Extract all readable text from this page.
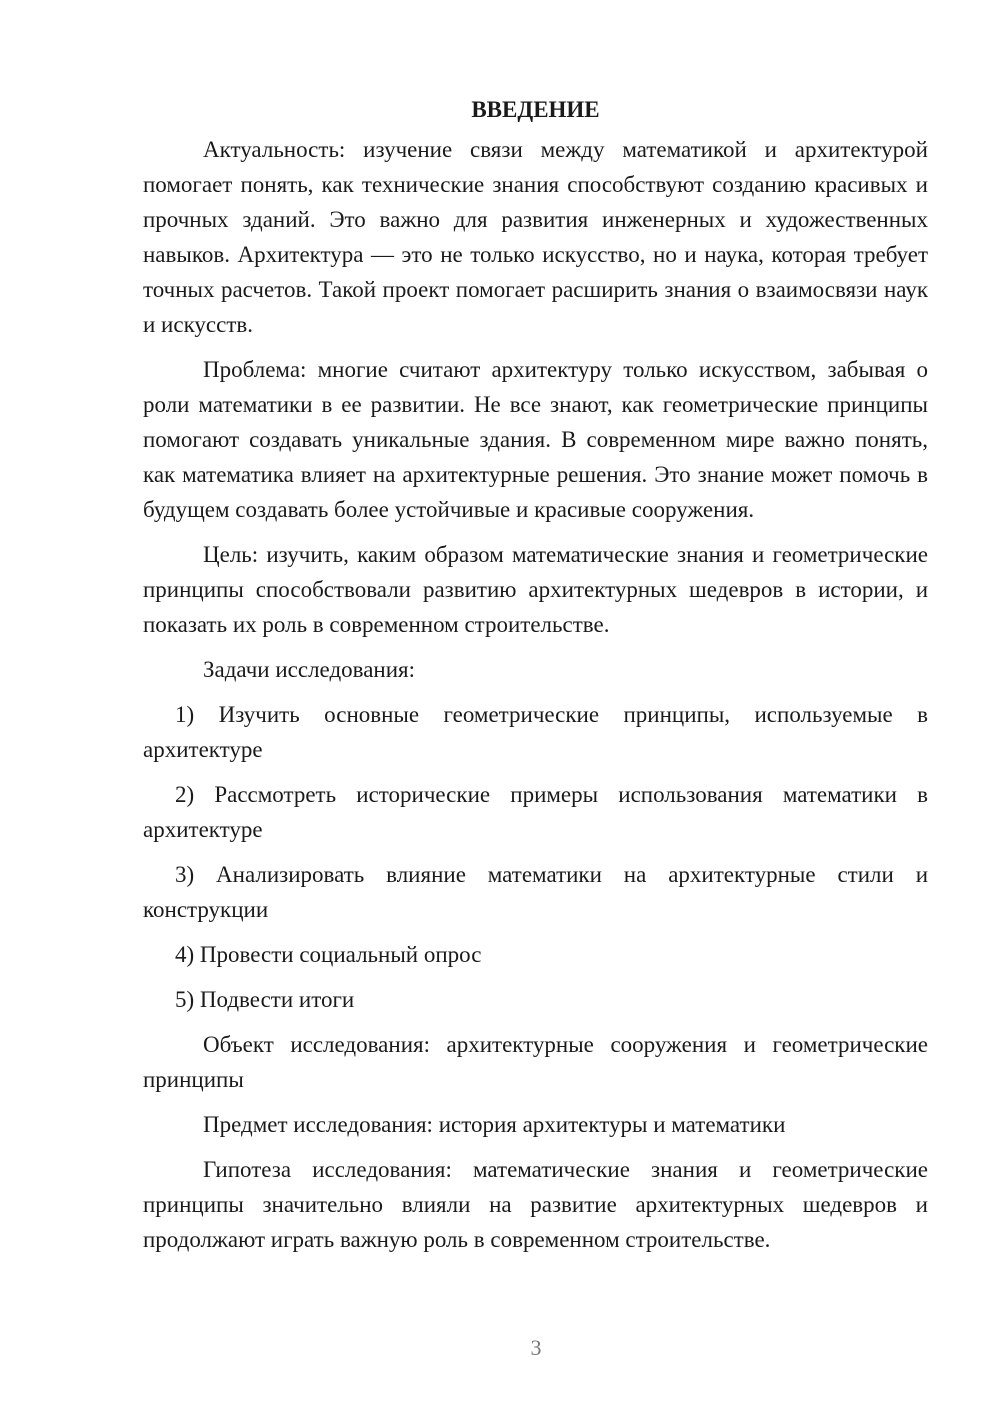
ВВЕДЕНИЕ

Актуальность: изучение связи между математикой и архитектурой помогает понять, как технические знания способствуют созданию красивых и прочных зданий. Это важно для развития инженерных и художественных навыков. Архитектура — это не только искусство, но и наука, которая требует точных расчетов. Такой проект помогает расширить знания о взаимосвязи наук и искусств.

Проблема: многие считают архитектуру только искусством, забывая о роли математики в ее развитии. Не все знают, как геометрические принципы помогают создавать уникальные здания. В современном мире важно понять, как математика влияет на архитектурные решения. Это знание может помочь в будущем создавать более устойчивые и красивые сооружения.

Цель: изучить, каким образом математические знания и геометрические принципы способствовали развитию архитектурных шедевров в истории, и показать их роль в современном строительстве.

Задачи исследования:

1) Изучить основные геометрические принципы, используемые в архитектуре

2) Рассмотреть исторические примеры использования математики в архитектуре

3) Анализировать влияние математики на архитектурные стили и конструкции

4) Провести социальный опрос

5) Подвести итоги

Объект исследования: архитектурные сооружения и геометрические принципы

Предмет исследования: история архитектуры и математики

Гипотеза исследования: математические знания и геометрические принципы значительно влияли на развитие архитектурных шедевров и продолжают играть важную роль в современном строительстве.

3
